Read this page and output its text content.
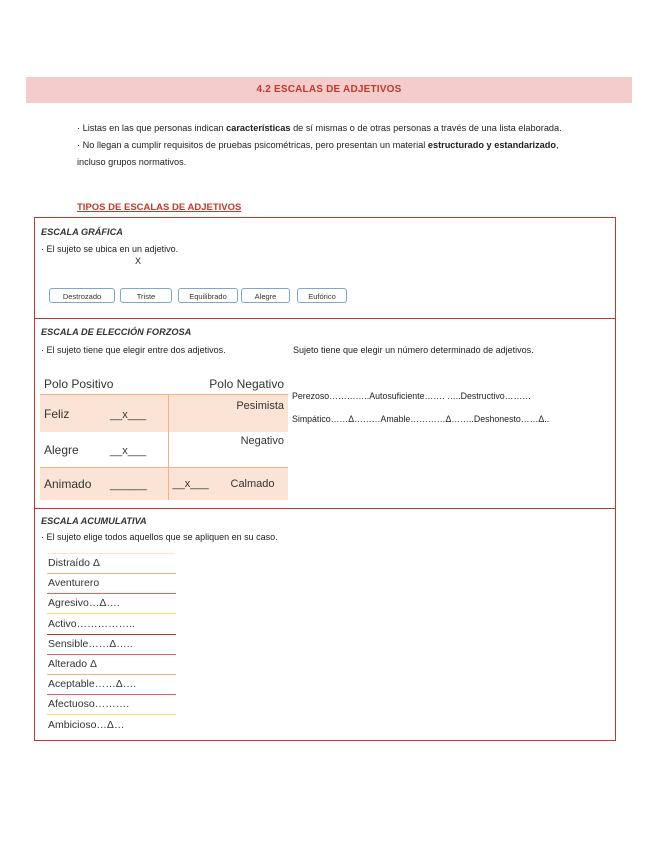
4.2 ESCALAS DE ADJETIVOS

· Listas en las que personas indican características de sí mismas o de otras personas a través de una lista elaborada.

· No llegan a cumplir requisitos de pruebas psicométricas, pero presentan un material estructurado y estandarizado, incluso grupos normativos.

TIPOS DE ESCALAS DE ADJETIVOS
ESCALA GRÁFICA
· El sujeto se ubica en un adjetivo.
X
Destrozado	Triste	Equilibrado	Alegre	Eufórico
ESCALA DE ELECCIÓN FORZOSA
· El sujeto tiene que elegir entre dos adjetivos.	Sujeto tiene que elegir un número determinado de adjetivos.
Polo Positivo	Polo Negativo
Feliz __x___	Pesimista
Alegre __x___	Negativo
Animado ______	__x___ Calmado
Perezoso…………..Autosuficiente……. …..Destructivo………
Simpático……Δ………Amable…………Δ……..Deshonesto……Δ..
ESCALA ACUMULATIVA
· El sujeto elige todos aquellos que se apliquen en su caso.
Distraído Δ
Aventurero
Agresivo…Δ….
Activo……………..
Sensible……Δ…..
Alterado Δ
Aceptable……Δ….
Afectuoso……….
Ambicioso…Δ…
